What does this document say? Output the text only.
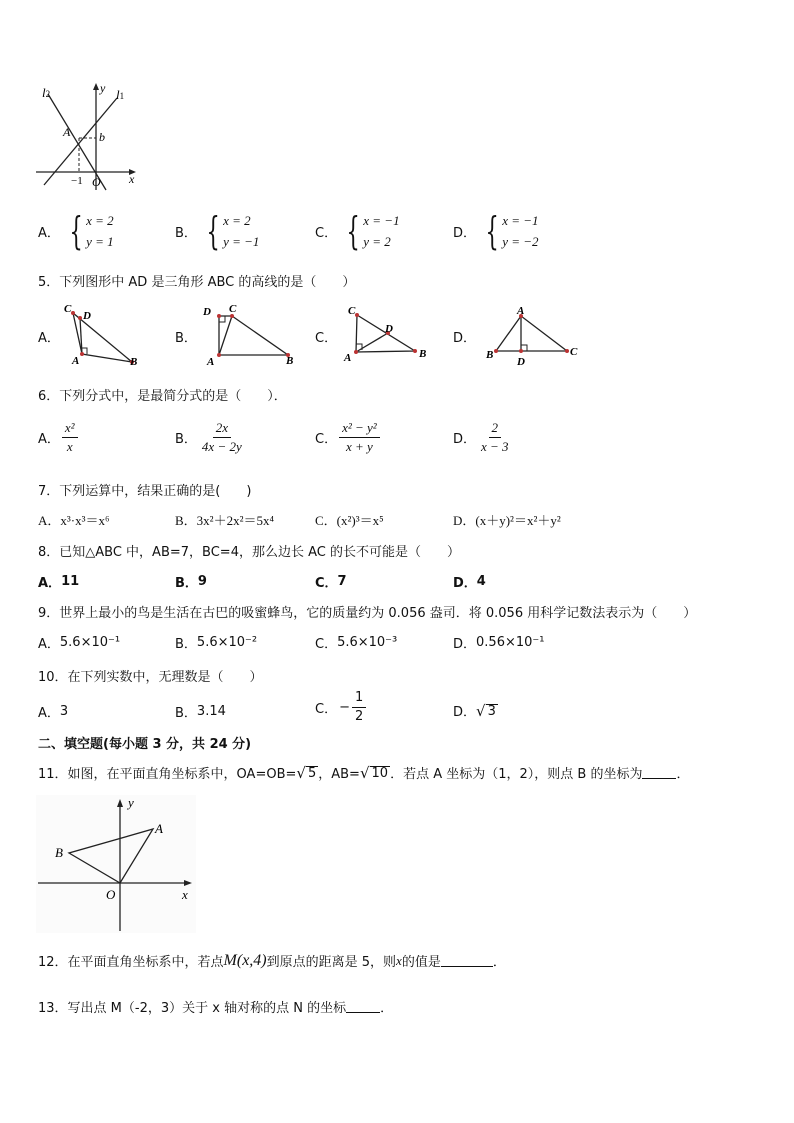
l2	l1
y
x
A b
−1 O
A． { x = 2
y = 1
B． { x = 2
y = −1
C． { x = −1
y = 2
D． { x = −1
y = −2
5．下列图形中 AD 是三角形 ABC 的高线的是（　　）
A．
C
D
A	B
B．
D C
A	B
C．
C
D
A	B
D．
A
B
D
C
6．下列分式中，是最简分式的是（　　）．
A． $\frac{\text{x²}}{x}$	B． $\frac{2x}{4x - 2y}$	C． $\frac{\text{x² − y²}}{x + y}$	D． $\frac{2}{x - 3}$
7．下列运算中，结果正确的是(　　)
A． x³·x³＝x⁶	B． 3x²＋2x²＝5x⁴	C． (x²)³＝x⁵	D． (x＋y)²＝x²＋y²
8．已知△ABC 中，AB=7，BC=4，那么边长 AC 的长不可能是（　　）
A． 11	B． 9	C． 7	D． 4
9．世界上最小的鸟是生活在古巴的吸蜜蜂鸟，它的质量约为 0.056 盎司．将 0.056 用科学记数法表示为（　　）
A． 5.6×10⁻¹	B． 5.6×10⁻²	C． 5.6×10⁻³	D． 0.56×10⁻¹
10．在下列实数中，无理数是（　　）
A． 3	B． 3.14	C． − $\frac{1}{2}$	D． √ 3
二、填空题(每小题 3 分，共 24 分)
11．如图，在平面直角坐标系中，OA=OB= √ 5 ，AB= √ 10 ．若点 A 坐标为（1，2），则点 B 的坐标为	．
y
x
A
B
O
12．在平面直角坐标系中，若点 M(x,4) 到原点的距离是 5，则 x 的值是	．
13．写出点 M（-2，3）关于 x 轴对称的点 N 的坐标	．
